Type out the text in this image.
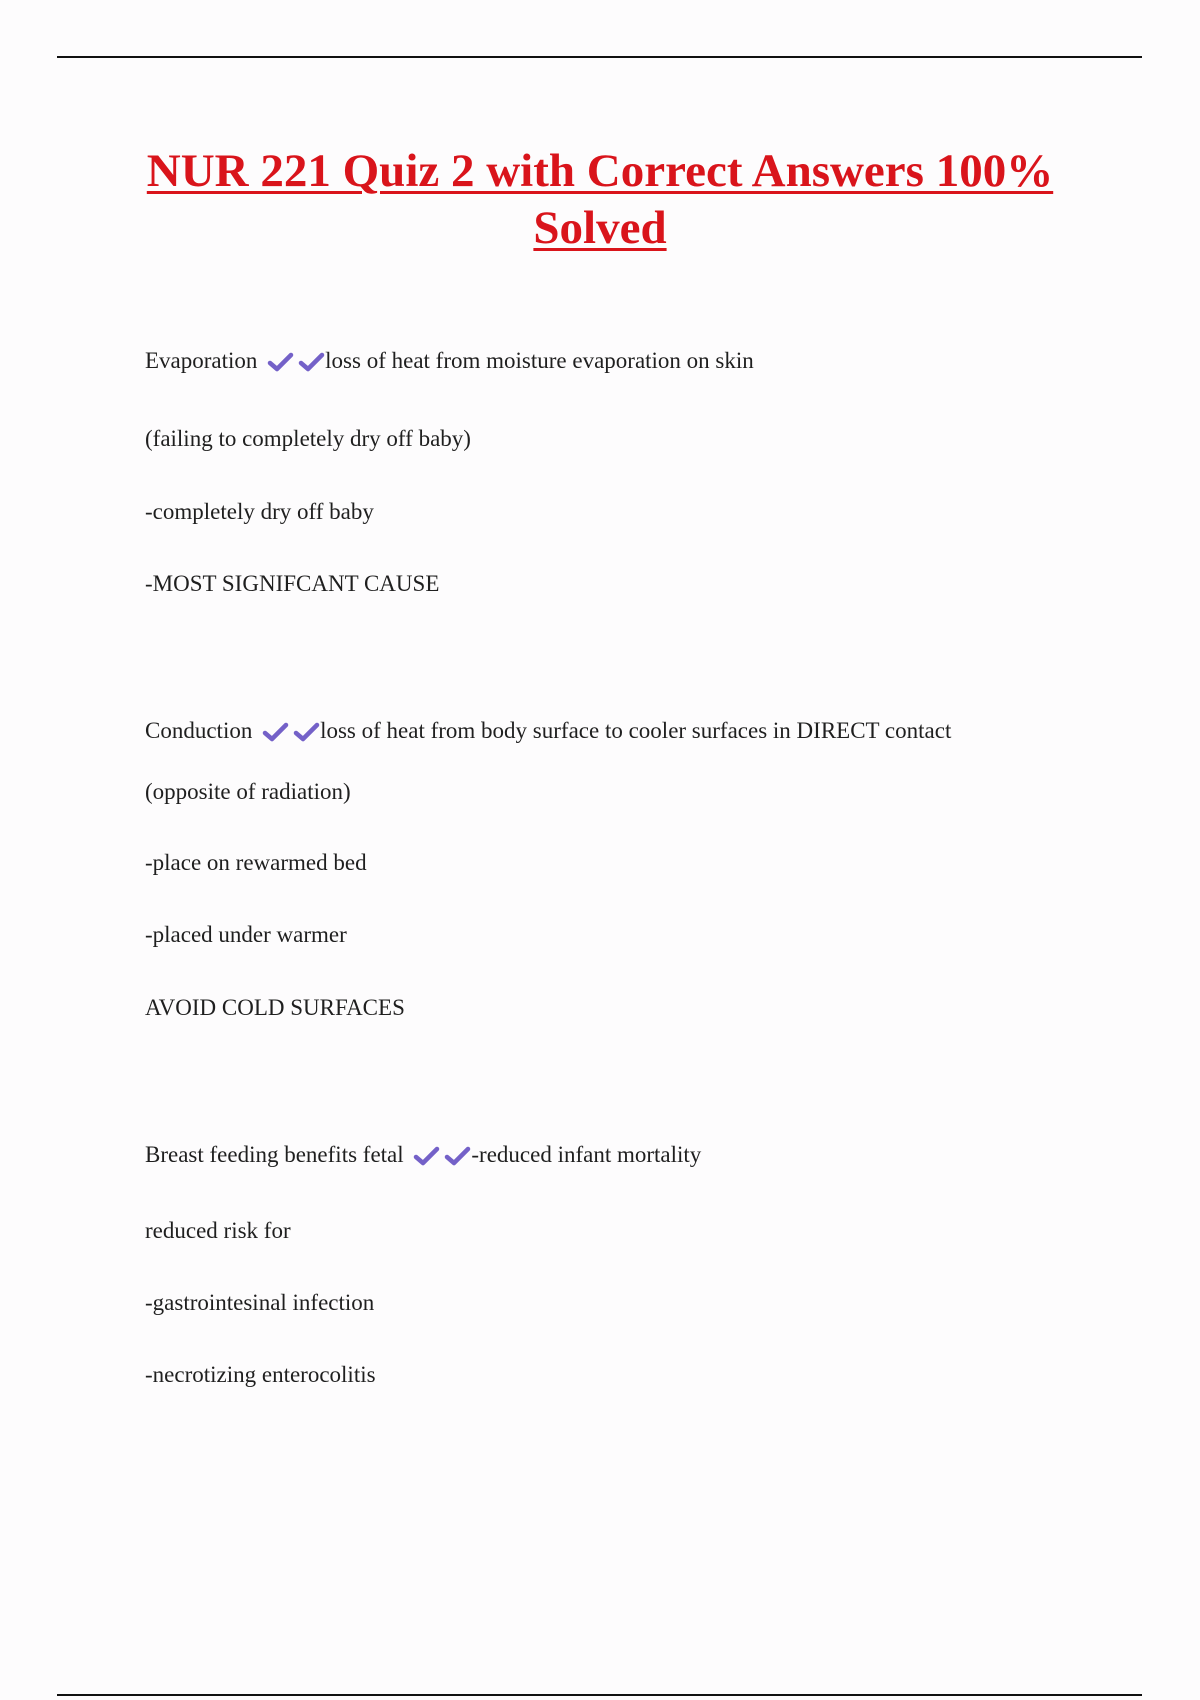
NUR 221 Quiz 2 with Correct Answers 100%
Solved
Evaporation	loss of heat from moisture evaporation on skin
(failing to completely dry off baby)
-completely dry off baby
-MOST SIGNIFCANT CAUSE
Conduction	loss of heat from body surface to cooler surfaces in DIRECT contact
(opposite of radiation)
-place on rewarmed bed
-placed under warmer
AVOID COLD SURFACES
Breast feeding benefits fetal	-reduced infant mortality
reduced risk for
-gastrointesinal infection
-necrotizing enterocolitis
